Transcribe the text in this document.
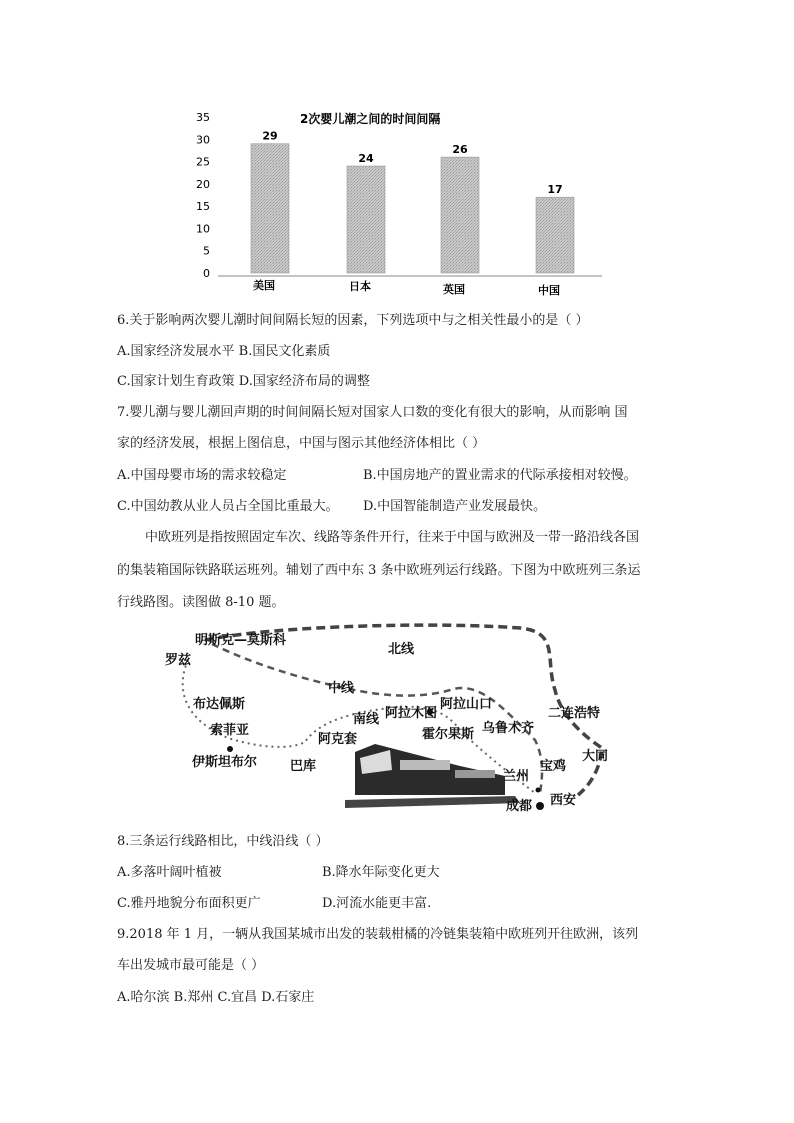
2次婴儿潮之间的时间间隔
0
5
10
15
20
25
30
35
29
美国
24
日本
26
英国
17
中国
6.关于影响两次婴儿潮时间间隔长短的因素，下列选项中与之相关性最小的是（ ）
A.国家经济发展水平 B.国民文化素质
C.国家计划生育政策 D.国家经济布局的调整
7.婴儿潮与婴儿潮回声期的时间间隔长短对国家人口数的变化有很大的影响，从而影响 国
家的经济发展，根据上图信息，中国与图示其他经济体相比（ ）
A.中国母婴市场的需求较稳定	B.中国房地产的置业需求的代际承接相对较慢。
C.中国幼教从业人员占全国比重最大。 D.中国智能制造产业发展最快。
中欧班列是指按照固定车次、线路等条件开行，往来于中国与欧洲及一带一路沿线各国
的集装箱国际铁路联运班列。辅划了西中东 3 条中欧班列运行线路。下图为中欧班列三条运
行线路图。读图做 8-10 题。
明斯克—莫斯科
罗兹
北线
中线
布达佩斯
索菲亚
伊斯坦布尔	巴库
阿克套
南线 阿拉木图
阿拉山口
乌鲁木齐
霍尔果斯
二连浩特
大同
兰州
宝鸡
成都 西安
8.三条运行线路相比，中线沿线（ ）
A.多落叶阔叶植被	B.降水年际变化更大
C.雅丹地貌分布面积更广	D.河流水能更丰富.
9.2018 年 1 月，一辆从我国某城市出发的装载柑橘的冷链集装箱中欧班列开往欧洲，该列
车出发城市最可能是（ ）
A.哈尔滨 B.郑州 C.宜昌 D.石家庄
